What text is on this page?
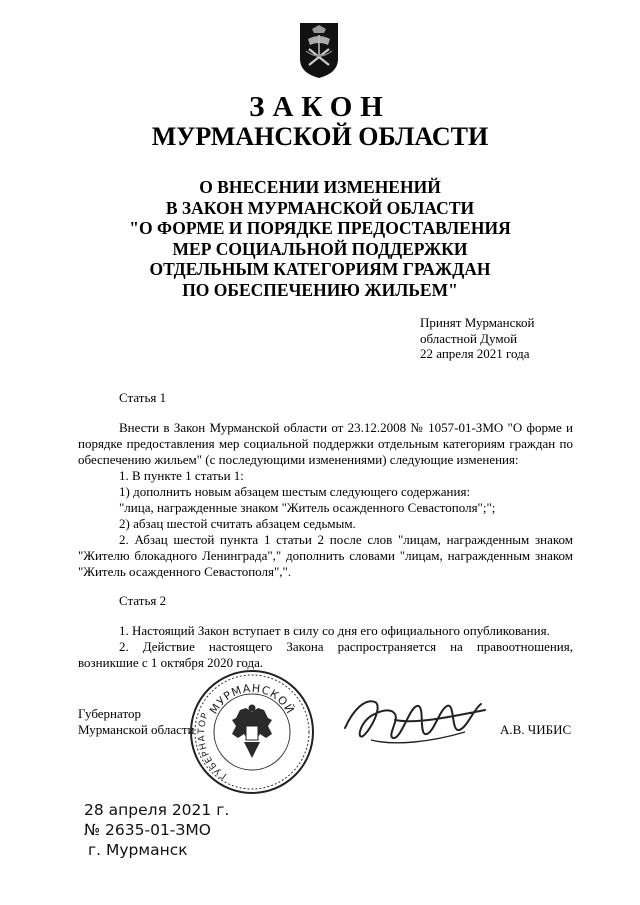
ЗАКОН
МУРМАНСКОЙ ОБЛАСТИ
О ВНЕСЕНИИ ИЗМЕНЕНИЙ
В ЗАКОН МУРМАНСКОЙ ОБЛАСТИ
"О ФОРМЕ И ПОРЯДКЕ ПРЕДОСТАВЛЕНИЯ
МЕР СОЦИАЛЬНОЙ ПОДДЕРЖКИ
ОТДЕЛЬНЫМ КАТЕГОРИЯМ ГРАЖДАН
ПО ОБЕСПЕЧЕНИЮ ЖИЛЬЕМ"
Принят Мурманской
областной Думой
22 апреля 2021 года
Статья 1
Внести в Закон Мурманской области от 23.12.2008 № 1057-01-ЗМО "О форме и
порядке предоставления мер социальной поддержки отдельным категориям граждан по
обеспечению жильем" (с последующими изменениями) следующие изменения:
1. В пункте 1 статьи 1:
1) дополнить новым абзацем шестым следующего содержания:
"лица, награжденные знаком "Житель осажденного Севастополя";";
2) абзац шестой считать абзацем седьмым.
2. Абзац шестой пункта 1 статьи 2 после слов "лицам, награжденным знаком
"Жителю блокадного Ленинграда"," дополнить словами "лицам, награжденным знаком
"Житель осажденного Севастополя",".
Статья 2
1. Настоящий Закон вступает в силу со дня его официального опубликования.
2. Действие настоящего Закона распространяется на правоотношения,
возникшие с 1 октября 2020 года.
Губернатор
Мурманской области	А.В. ЧИБИС
МУРМАНСКОЙ
ГУБЕРНАТОР
28 апреля 2021 г.
№ 2635-01-ЗМО
г. Мурманск
